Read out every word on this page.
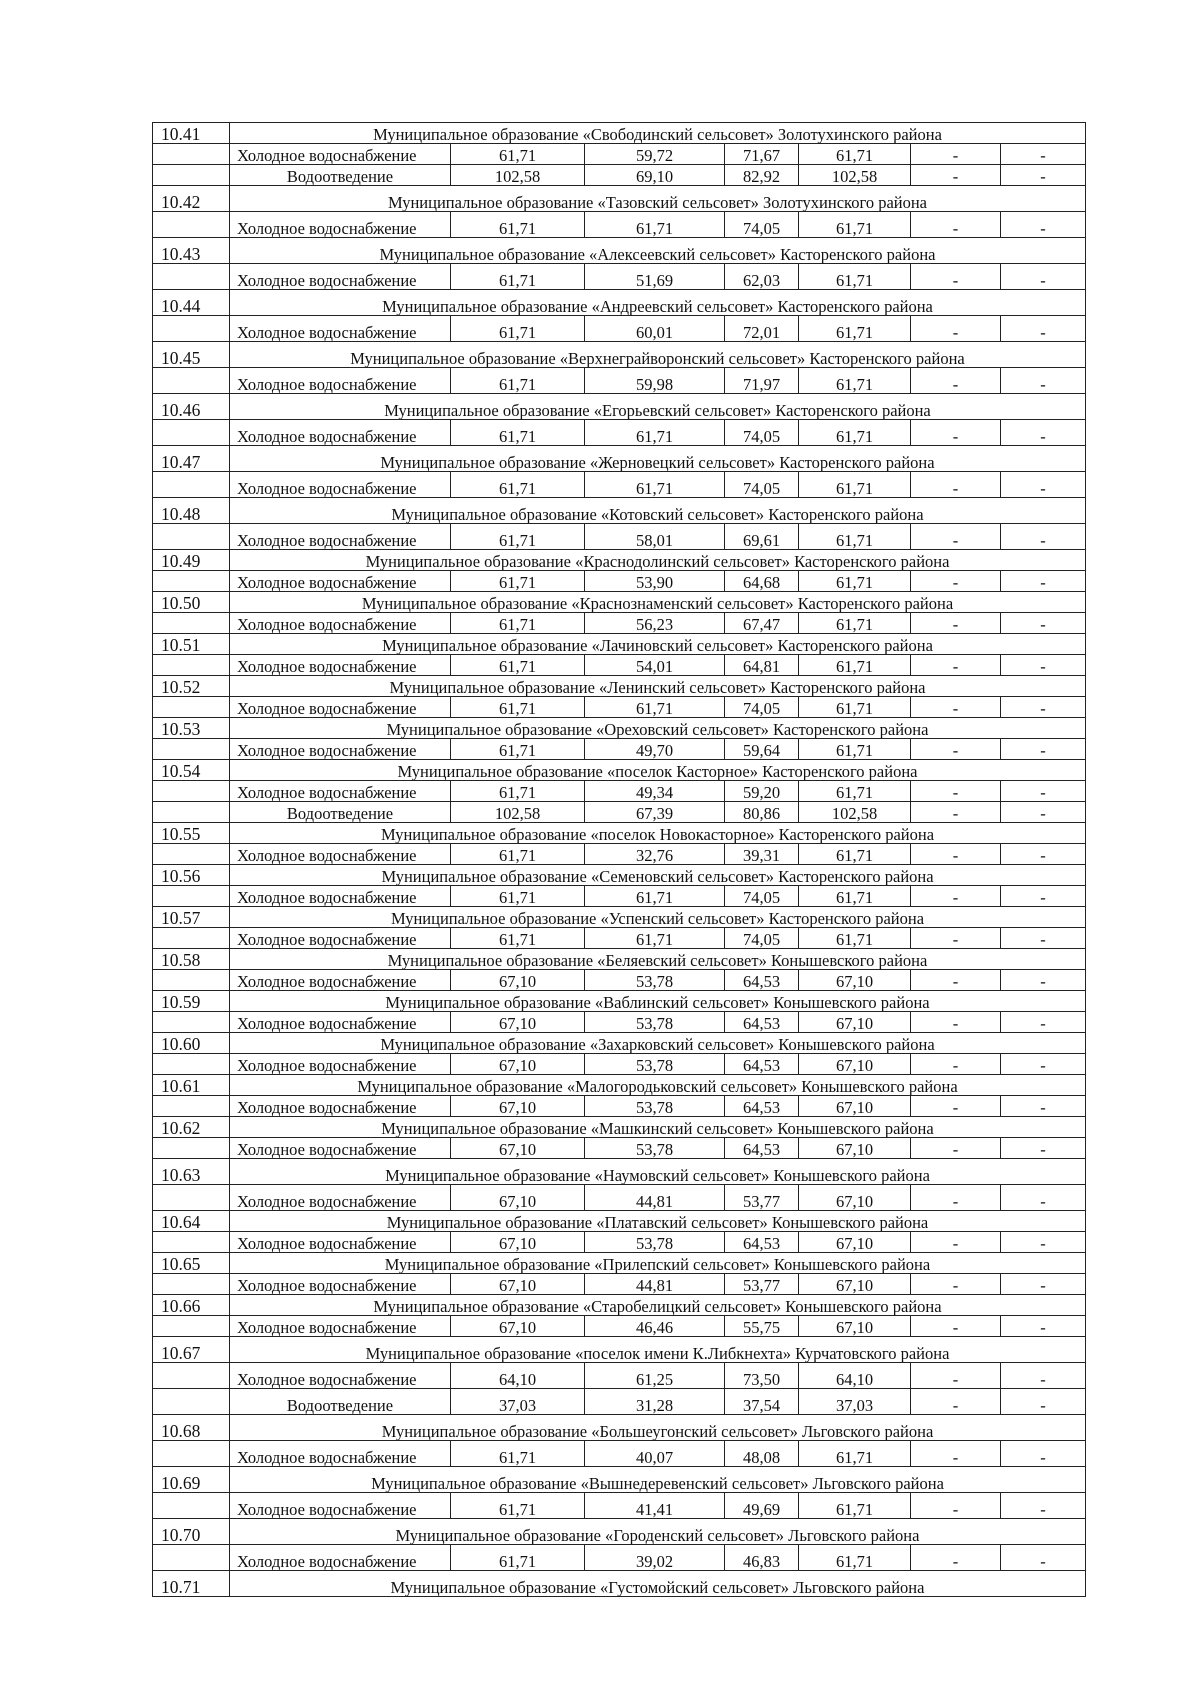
10.41	Муниципальное образование «Свободинский сельсовет» Золотухинского района						
	Холодное водоснабжение	61,71	59,72	71,67	61,71	-	-
	Водоотведение	102,58	69,10	82,92	102,58	-	-
10.42	Муниципальное образование «Тазовский сельсовет» Золотухинского района						
	Холодное водоснабжение	61,71	61,71	74,05	61,71	-	-
10.43	Муниципальное образование «Алексеевский сельсовет» Касторенского района						
	Холодное водоснабжение	61,71	51,69	62,03	61,71	-	-
10.44	Муниципальное образование «Андреевский сельсовет» Касторенского района						
	Холодное водоснабжение	61,71	60,01	72,01	61,71	-	-
10.45	Муниципальное образование «Верхнеграйворонский сельсовет» Касторенского района						
	Холодное водоснабжение	61,71	59,98	71,97	61,71	-	-
10.46	Муниципальное образование «Егорьевский сельсовет» Касторенского района						
	Холодное водоснабжение	61,71	61,71	74,05	61,71	-	-
10.47	Муниципальное образование «Жерновецкий сельсовет» Касторенского района						
	Холодное водоснабжение	61,71	61,71	74,05	61,71	-	-
10.48	Муниципальное образование «Котовский сельсовет» Касторенского района						
	Холодное водоснабжение	61,71	58,01	69,61	61,71	-	-
10.49	Муниципальное образование «Краснодолинский сельсовет» Касторенского района						
	Холодное водоснабжение	61,71	53,90	64,68	61,71	-	-
10.50	Муниципальное образование «Краснознаменский сельсовет» Касторенского района						
	Холодное водоснабжение	61,71	56,23	67,47	61,71	-	-
10.51	Муниципальное образование «Лачиновский сельсовет» Касторенского района						
	Холодное водоснабжение	61,71	54,01	64,81	61,71	-	-
10.52	Муниципальное образование «Ленинский сельсовет» Касторенского района						
	Холодное водоснабжение	61,71	61,71	74,05	61,71	-	-
10.53	Муниципальное образование «Ореховский сельсовет» Касторенского района						
	Холодное водоснабжение	61,71	49,70	59,64	61,71	-	-
10.54	Муниципальное образование «поселок Касторное» Касторенского района						
	Холодное водоснабжение	61,71	49,34	59,20	61,71	-	-
	Водоотведение	102,58	67,39	80,86	102,58	-	-
10.55	Муниципальное образование «поселок Новокасторное» Касторенского района						
	Холодное водоснабжение	61,71	32,76	39,31	61,71	-	-
10.56	Муниципальное образование «Семеновский сельсовет» Касторенского района						
	Холодное водоснабжение	61,71	61,71	74,05	61,71	-	-
10.57	Муниципальное образование «Успенский сельсовет» Касторенского района						
	Холодное водоснабжение	61,71	61,71	74,05	61,71	-	-
10.58	Муниципальное образование «Беляевский сельсовет» Конышевского района						
	Холодное водоснабжение	67,10	53,78	64,53	67,10	-	-
10.59	Муниципальное образование «Ваблинский сельсовет» Конышевского района						
	Холодное водоснабжение	67,10	53,78	64,53	67,10	-	-
10.60	Муниципальное образование «Захарковский сельсовет» Конышевского района						
	Холодное водоснабжение	67,10	53,78	64,53	67,10	-	-
10.61	Муниципальное образование «Малогородьковский сельсовет» Конышевского района						
	Холодное водоснабжение	67,10	53,78	64,53	67,10	-	-
10.62	Муниципальное образование «Машкинский сельсовет» Конышевского района						
	Холодное водоснабжение	67,10	53,78	64,53	67,10	-	-
10.63	Муниципальное образование «Наумовский сельсовет» Конышевского района						
	Холодное водоснабжение	67,10	44,81	53,77	67,10	-	-
10.64	Муниципальное образование «Платавский сельсовет» Конышевского района						
	Холодное водоснабжение	67,10	53,78	64,53	67,10	-	-
10.65	Муниципальное образование «Прилепский сельсовет» Конышевского района						
	Холодное водоснабжение	67,10	44,81	53,77	67,10	-	-
10.66	Муниципальное образование «Старобелицкий сельсовет» Конышевского района						
	Холодное водоснабжение	67,10	46,46	55,75	67,10	-	-
10.67	Муниципальное образование «поселок имени К.Либкнехта» Курчатовского района						
	Холодное водоснабжение	64,10	61,25	73,50	64,10	-	-
	Водоотведение	37,03	31,28	37,54	37,03	-	-
10.68	Муниципальное образование «Большеугонский сельсовет» Льговского района						
	Холодное водоснабжение	61,71	40,07	48,08	61,71	-	-
10.69	Муниципальное образование «Вышнедеревенский сельсовет» Льговского района						
	Холодное водоснабжение	61,71	41,41	49,69	61,71	-	-
10.70	Муниципальное образование «Городенский сельсовет» Льговского района						
	Холодное водоснабжение	61,71	39,02	46,83	61,71	-	-
10.71	Муниципальное образование «Густомойский сельсовет» Льговского района						
